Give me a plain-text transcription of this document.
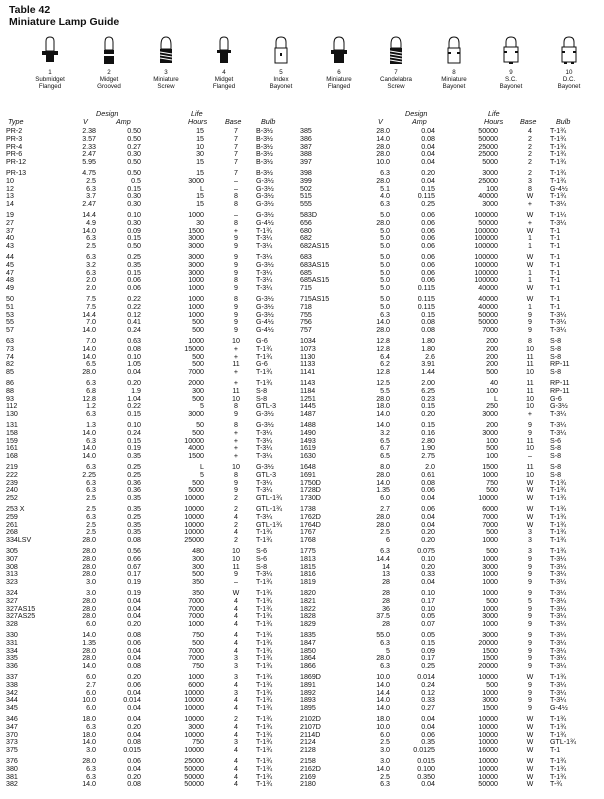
Table 42
Miniature Lamp Guide
1
Submidget
Flanged
2
Midget
Grooved
3
Miniature
Screw
4
Midget
Flanged
5
Index
Bayonet
6
Miniature
Flanged
7
Candelabra
Screw
8
Miniature
Bayonet
9
S.C.
Bayonet
10
D.C.
Bayonet
Design	Life
Type	V	Amp	Hours Base	Bulb
PR-2	2.38	0.50	15	7	B-3½
PR-3	3.57	0.50	15	7	B-3½
PR-4	2.33	0.27	10	7	B-3½
PR-6	2.47	0.30	30	7	B-3½
PR-12	5.95	0.50	15	7	B-3½
PR-13	4.75	0.50	15	7	B-3½
10	2.5	0.5	3000	–	G-3½
12	6.3	0.15	L	–	G-3½
13	3.7	0.30	15	8	G-3½
14	2.47	0.30	15	8	G-3½
19	14.4	0.10	1000	–	G-3½
27	4.9	0.30	30	8	G-4½
37	14.0	0.09	1500	+	T-1¾
40	6.3	0.15	3000	9	T-3¼
43	2.5	0.50	3000	9	T-3¼
44	6.3	0.25	3000	9	T-3¼
45	3.2	0.35	3000	9	G-3½
47	6.3	0.15	3000	9	T-3¼
48	2.0	0.06	1000	8	T-3¼
49	2.0	0.06	1000	9	T-3¼
50	7.5	0.22	1000	8	G-3½
51	7.5	0.22	1000	9	G-3½
53	14.4	0.12	1000	9	G-3½
55	7.0	0.41	500	9	G-4½
57	14.0	0.24	500	9	G-4½
63	7.0	0.63	1000	10	G-6
73	14.0	0.08	15000	+	T-1¾
74	14.0	0.10	500	+	T-1¾
82	6.5	1.05	500	11	G-6
85	28.0	0.04	7000	+	T-1¾
86	6.3	0.20	2000	+	T-1¾
88	6.8	1.9	300	11	S-8
93	12.8	1.04	500	10	S-8
112	1.2	0.22	5	8	GTL-3
130	6.3	0.15	3000	9	G-3½
131	1.3	0.10	50	8	G-3½
158	14.0	0.24	500	+	T-3¼
159	6.3	0.15	10000	+	T-3¼
161	14.0	0.19	4000	+	T-3¼
168	14.0	0.35	1500	+	T-3¼
219	6.3	0.25	L	10	G-3½
222	2.25	0.25	5	8	GTL-3
239	6.3	0.36	500	9	T-3¼
240	6.3	0.36	5000	9	T-3¼
252	2.5	0.35	10000	2	GTL-1¾
253 X	2.5	0.35	10000	2	GTL-1¾
259	6.3	0.25	10000	4	T-3¼
261	2.5	0.35	10000	2	GTL-1¾
268	2.5	0.35	10000	4	T-1¾
334LSV	28.0	0.08	25000	2	T-1¾
305	28.0	0.56	480	10	S-6
307	28.0	0.66	300	10	S-6
308	28.0	0.67	300	11	S-8
313	28.0	0.17	500	9	T-3¼
323	3.0	0.19	350	–	T-1¾
324	3.0	0.19	350	W	T-1¾
327	28.0	0.04	7000	4	T-1¾
327AS15	28.0	0.04	7000	4	T-1¾
327AS25	28.0	0.04	7000	4	T-1¾
328	6.0	0.20	1000	4	T-1¾
330	14.0	0.08	750	4	T-1¾
331	1.35	0.06	500	4	T-1¾
334	28.0	0.04	7000	4	T-1¾
335	28.0	0.04	7000	3	T-1¾
336	14.0	0.08	750	3	T-1¾
337	6.0	0.20	1000	3	T-1¾
338	2.7	0.06	6000	4	T-1¾
342	6.0	0.04	10000	3	T-1¾
344	10.0	0.014	10000	4	T-1¾
345	6.0	0.04	10000	4	T-1¾
346	18.0	0.04	10000	2	T-1¾
347	6.3	0.20	3000	4	T-1¾
370	18.0	0.04	10000	4	T-1¾
373	14.0	0.08	750	3	T-1¾
375	3.0	0.015	10000	4	T-1¾
376	28.0	0.06	25000	4	T-1¾
380	6.3	0.04	50000	4	T-1¾
381	6.3	0.20	50000	4	T-1¾
382	14.0	0.08	50000	4	T-1¾
Design	Life
V	Amp	Hours Base	Bulb
385	28.0	0.04	50000	4	T-1¾
386	14.0	0.08	50000	2	T-1¾
387	28.0	0.04	25000	2	T-1¾
388	28.0	0.04	25000	2	T-1¾
397	10.0	0.04	5000	2	T-1¾
398	6.3	0.20	3000	2	T-1¾
399	28.0	0.04	25000	3	T-1¾
502	5.1	0.15	100	8	G-4½
515	4.0	0.115	40000	W	T-1¾
555	6.3	0.25	3000	+	T-3¼
583D	5.0	0.06	100000	W	T-1¼
656	28.0	0.06	50000	+	T-3¼
680	5.0	0.06	100000	W	T-1
682	5.0	0.06	100000	1	T-1
682AS15	5.0	0.06	100000	1	T-1
683	5.0	0.06	100000	W	T-1
683AS15	5.0	0.06	100000	W	T-1
685	5.0	0.06	100000	1	T-1
685AS15	5.0	0.06	100000	1	T-1
715	5.0	0.115	40000	W	T-1
715AS15	5.0	0.115	40000	W	T-1
718	5.0	0.115	40000	1	T-1
755	6.3	0.15	50000	9	T-3¼
756	14.0	0.08	50000	9	T-3¼
757	28.0	0.08	7000	9	T-3¼
1034	12.8	1.80	200	8	S-8
1073	12.8	1.80	200	10	S-8
1130	6.4	2.6	200	11	S-8
1133	6.2	3.91	200	11	RP-11
1141	12.8	1.44	500	10	S-8
1143	12.5	2.00	40	11	RP-11
1184	5.5	6.25	100	11	RP-11
1251	28.0	0.23	L	10	G-6
1445	18.0	0.15	250	10	G-3½
1487	14.0	0.20	3000	+	T-3¼
1488	14.0	0.15	200	9	T-3¼
1490	3.2	0.16	3000	9	T-3¼
1493	6.5	2.80	100	11	S-6
1619	6.7	1.90	500	10	S-8
1630	6.5	2.75	100	–	S-8
1648	8.0	2.0	1500	11	S-8
1691	28.0	0.61	1000	10	S-8
1750D	14.0	0.08	750	W	T-1¾
1728D	1.35	0.06	500	W	T-1¾
1730D	6.0	0.04	10000	W	T-1¾
1738	2.7	0.06	6000	W	T-1¾
1762D	28.0	0.04	7000	W	T-1¾
1764D	28.0	0.04	7000	W	T-1¾
1767	2.5	0.20	500	3	T-1¾
1768	6	0.20	1000	3	T-1¾
1775	6.3	0.075	500	3	T-1¾
1813	14.4	0.10	1000	9	T-3¼
1815	14	0.20	3000	9	T-3¼
1816	13	0.33	1000	9	T-3¼
1819	28	0.04	1000	9	T-3¼
1820	28	0.10	1000	9	T-3¼
1821	28	0.17	500	5	T-3¼
1822	36	0.10	1000	9	T-3¼
1828	37.5	0.05	3000	9	T-3¼
1829	28	0.07	1000	9	T-3¼
1835	55.0	0.05	3000	9	T-3¼
1847	6.3	0.15	20000	9	T-3¼
1850	5	0.09	1500	9	T-3¼
1864	28.0	0.17	1500	9	T-3¼
1866	6.3	0.25	20000	9	T-3¼
1869D	10.0	0.014	10000	W	T-1¾
1891	14.0	0.24	500	9	T-3¼
1892	14.4	0.12	1000	9	T-3¼
1893	14.0	0.33	3000	9	T-3¼
1895	14.0	0.27	1500	9	G-4½
2102D	18.0	0.04	10000	W	T-1¾
2107D	10.0	0.04	10000	W	T-1¾
2114D	6.0	0.06	10000	W	T-1¾
2124	2.5	0.35	10000	W	GTL-1¾
2128	3.0	0.0125	16000	W	T-1
2158	3.0	0.015	10000	W	T-1¾
2162D	14.0	0.100	10000	W	T-1¾
2169	2.5	0.350	10000	W	T-1¾
2180	6.3	0.04	50000	W	T-¾
